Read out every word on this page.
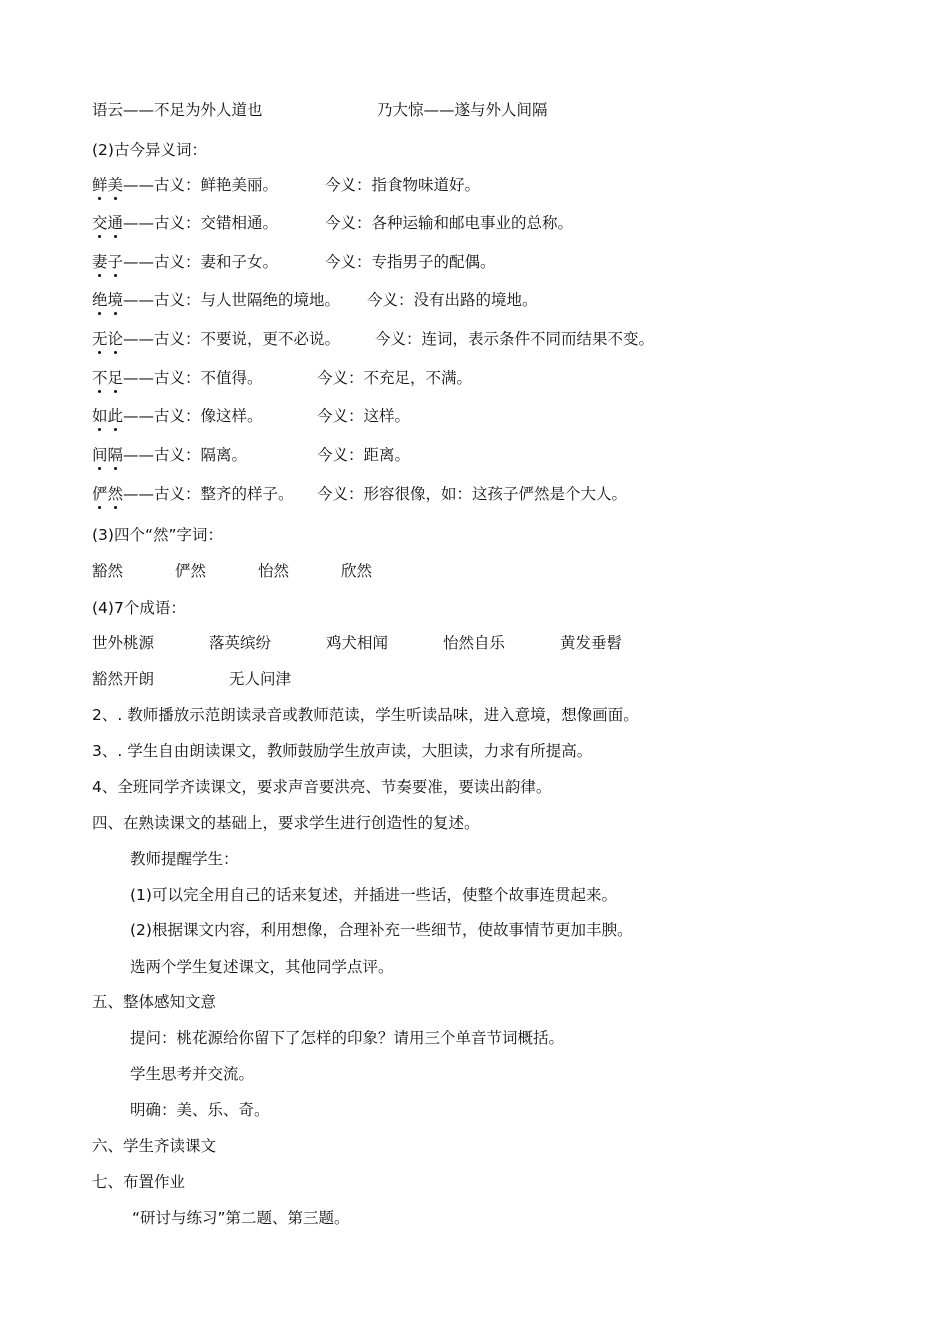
语云——不足为外人道也	乃大惊——遂与外人间隔
(2)古今异义词：
鲜美——古义：鲜艳美丽。	今义：指食物味道好。
交通——古义：交错相通。	今义：各种运输和邮电事业的总称。
妻子——古义：妻和子女。	今义：专指男子的配偶。
绝境——古义：与人世隔绝的境地。 今义：没有出路的境地。
无论——古义：不要说，更不必说。 今义：连词，表示条件不同而结果不变。
不足——古义：不值得。	今义：不充足，不满。
如此——古义：像这样。	今义：这样。
间隔——古义：隔离。	今义：距离。
俨然——古义：整齐的样子。 今义：形容很像，如：这孩子俨然是个大人。
(3)四个“然”字词：
豁然	俨然	怡然	欣然
(4)7个成语：
世外桃源	落英缤纷	鸡犬相闻	怡然自乐	黄发垂髫
豁然开朗	无人问津
2、. 教师播放示范朗读录音或教师范读，学生听读品味，进入意境，想像画面。
3、. 学生自由朗读课文，教师鼓励学生放声读，大胆读，力求有所提高。
4、全班同学齐读课文，要求声音要洪亮、节奏要准，要读出韵律。
四、在熟读课文的基础上，要求学生进行创造性的复述。
教师提醒学生：
(1)可以完全用自己的话来复述，并插进一些话，使整个故事连贯起来。
(2)根据课文内容，利用想像，合理补充一些细节，使故事情节更加丰腴。
选两个学生复述课文，其他同学点评。
五、整体感知文意
提问：桃花源给你留下了怎样的印象？请用三个单音节词概括。
学生思考并交流。
明确：美、乐、奇。
六、学生齐读课文
七、布置作业
“研讨与练习”第二题、第三题。
